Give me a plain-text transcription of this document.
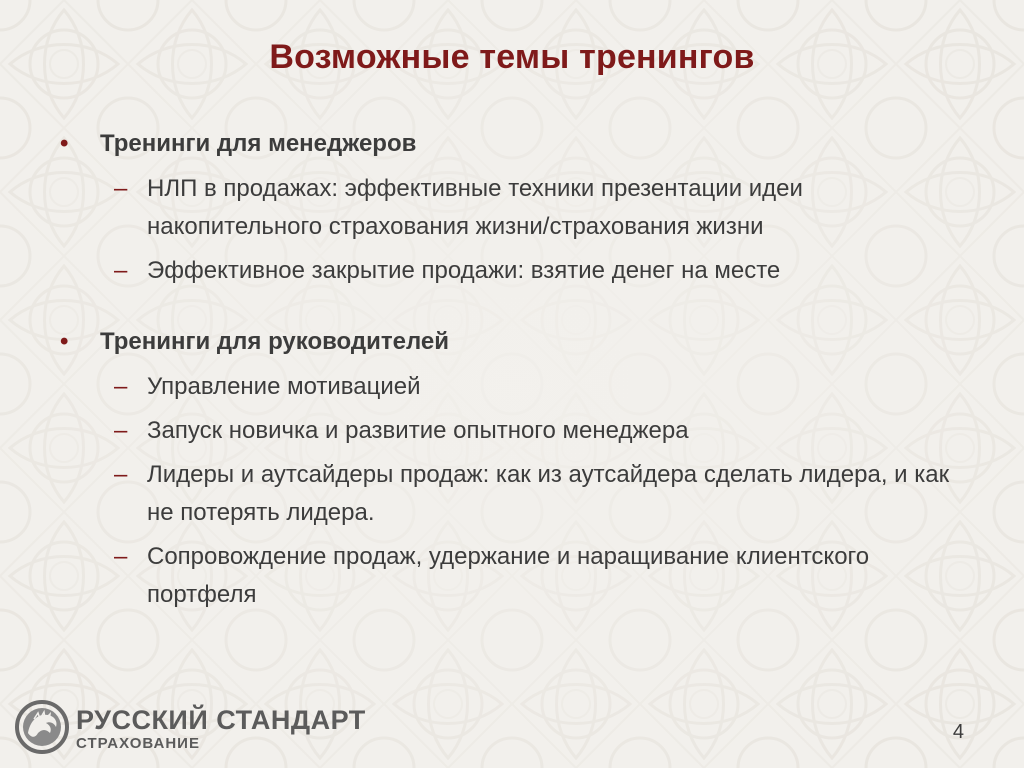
Возможные темы тренингов
• Тренинги для менеджеров
– НЛП в продажах: эффективные техники презентации идеи накопительного страхования жизни/страхования жизни
– Эффективное закрытие продажи: взятие денег на месте
• Тренинги для руководителей
– Управление мотивацией
– Запуск новичка и развитие опытного менеджера
– Лидеры и аутсайдеры продаж: как из аутсайдера сделать лидера, и как не потерять лидера.
– Сопровождение продаж, удержание и наращивание клиентского портфеля
РУССКИЙ СТАНДАРТ
СТРАХОВАНИЕ
4
